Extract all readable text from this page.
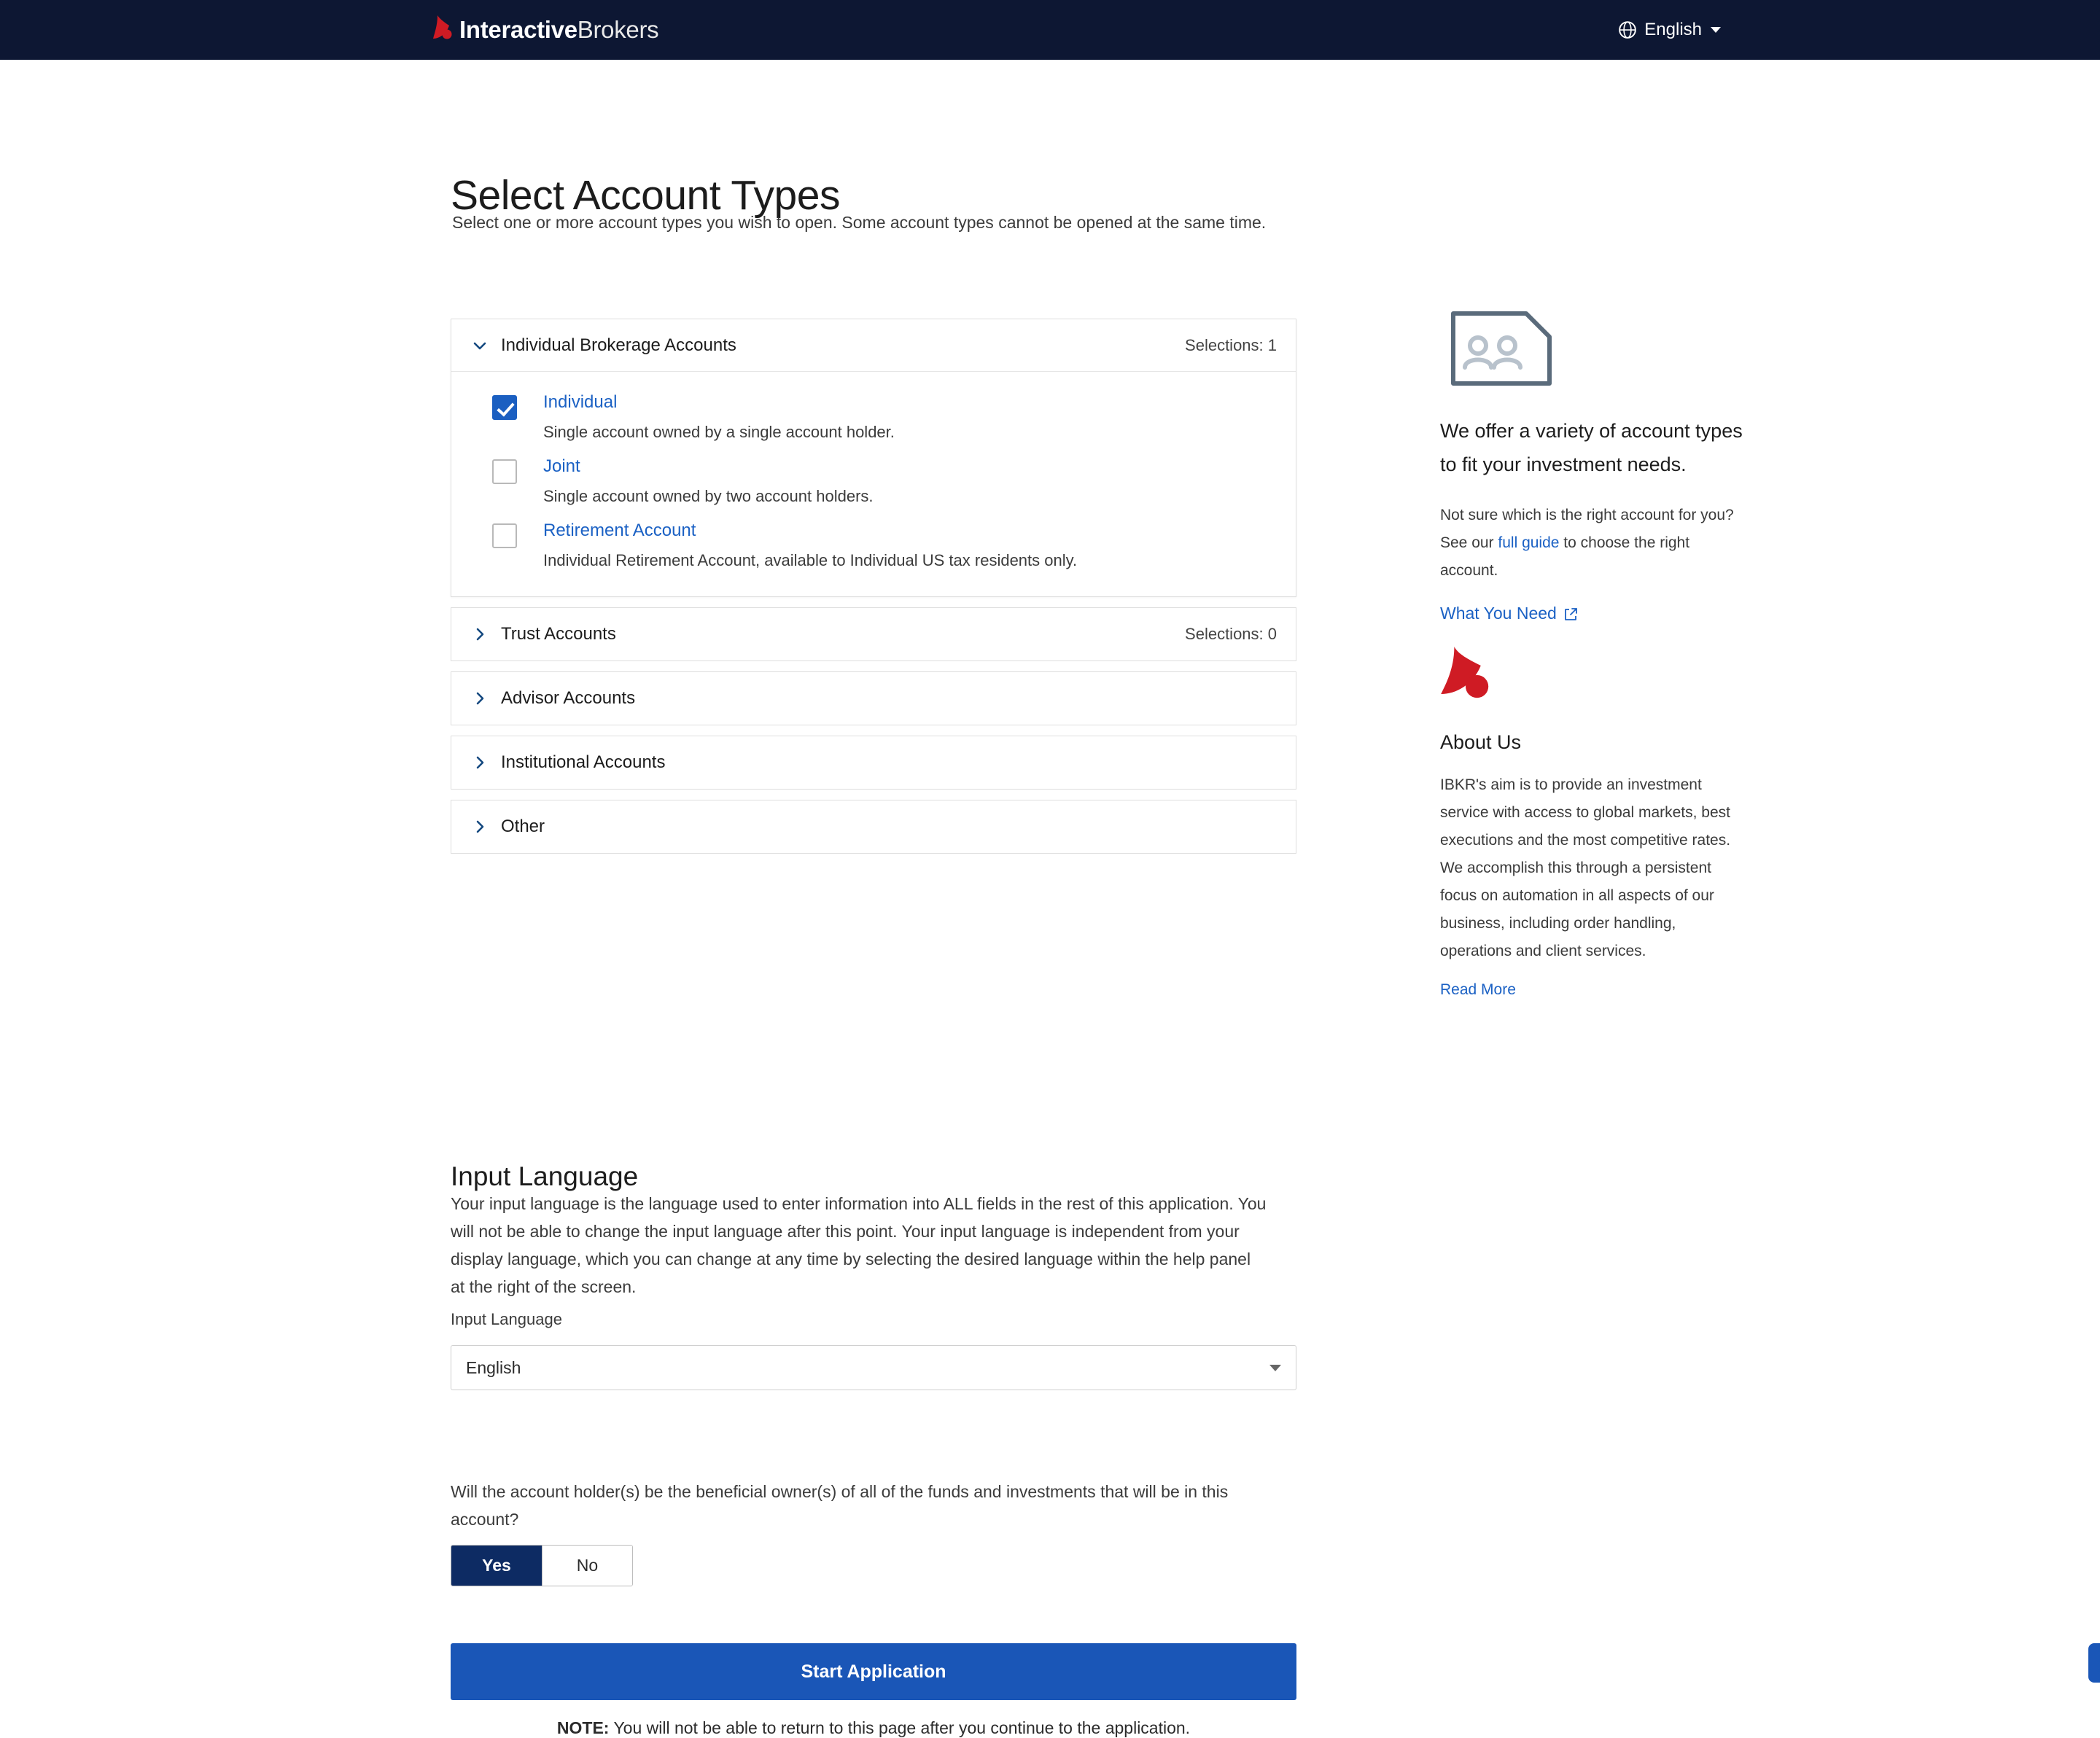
InteractiveBrokers	English
Select Account Types
Select one or more account types you wish to open. Some account types cannot be opened at the same time.
Individual Brokerage Accounts	Selections: 1
Individual
Single account owned by a single account holder.
Joint
Single account owned by two account holders.
Retirement Account
Individual Retirement Account, available to Individual US tax residents only.
Trust Accounts	Selections: 0
Advisor Accounts
Institutional Accounts
Other
Input Language
Your input language is the language used to enter information into ALL fields in the rest of this application. You will not be able to change the input language after this point. Your input language is independent from your display language, which you can change at any time by selecting the desired language within the help panel at the right of the screen.
Input Language
English
Will the account holder(s) be the beneficial owner(s) of all of the funds and investments that will be in this account?
Yes	No
Start Application
NOTE: You will not be able to return to this page after you continue to the application.
We offer a variety of account types to fit your investment needs.
Not sure which is the right account for you? See our full guide to choose the right account.
What You Need
About Us
IBKR's aim is to provide an investment service with access to global markets, best executions and the most competitive rates. We accomplish this through a persistent focus on automation in all aspects of our business, including order handling, operations and client services.
Read More
